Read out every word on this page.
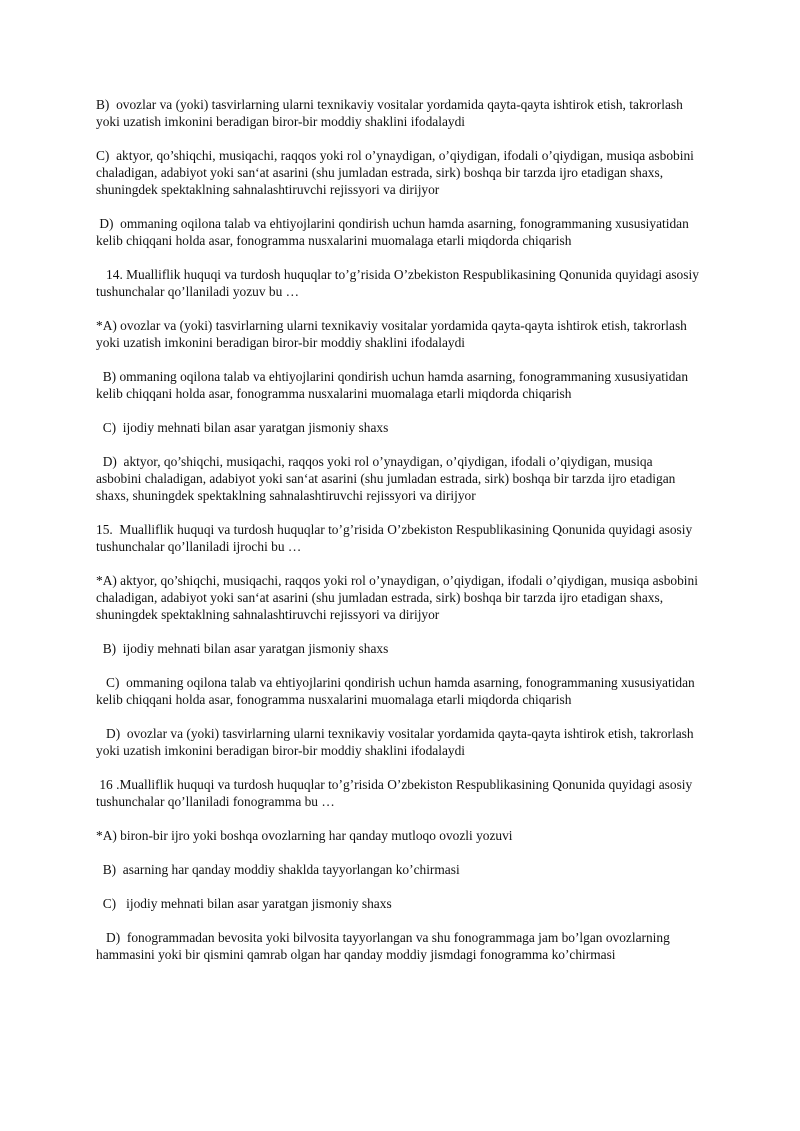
B)  ovozlar va (yoki) tasvirlarning ularni texnikaviy vositalar yordamida qayta-qayta ishtirok etish, takrorlash yoki uzatish imkonini beradigan biror-bir moddiy shaklini ifodalaydi

C)  aktyor, qo’shiqchi, musiqachi, raqqos yoki rol o’ynaydigan, o’qiydigan, ifodali o’qiydigan, musiqa asbobini chaladigan, adabiyot yoki san‘at asarini (shu jumladan estrada, sirk) boshqa bir tarzda ijro etadigan shaxs, shuningdek spektaklning sahnalashtiruvchi rejissyori va dirijyor

D)  ommaning oqilona talab va ehtiyojlarini qondirish uchun hamda asarning, fonogrammaning xususiyatidan kelib chiqqani holda asar, fonogramma nusxalarini muomalaga etarli miqdorda chiqarish

14. Mualliflik huquqi va turdosh huquqlar to’g’risida O’zbekiston Respublikasining Qonunida quyidagi asosiy tushunchalar qo’llaniladi yozuv bu …

*A) ovozlar va (yoki) tasvirlarning ularni texnikaviy vositalar yordamida qayta-qayta ishtirok etish, takrorlash yoki uzatish imkonini beradigan biror-bir moddiy shaklini ifodalaydi

B) ommaning oqilona talab va ehtiyojlarini qondirish uchun hamda asarning, fonogrammaning xususiyatidan kelib chiqqani holda asar, fonogramma nusxalarini muomalaga etarli miqdorda chiqarish

C)  ijodiy mehnati bilan asar yaratgan jismoniy shaxs

D)  aktyor, qo’shiqchi, musiqachi, raqqos yoki rol o’ynaydigan, o’qiydigan, ifodali o’qiydigan, musiqa asbobini chaladigan, adabiyot yoki san‘at asarini (shu jumladan estrada, sirk) boshqa bir tarzda ijro etadigan shaxs, shuningdek spektaklning sahnalashtiruvchi rejissyori va dirijyor

15.  Mualliflik huquqi va turdosh huquqlar to’g’risida O’zbekiston Respublikasining Qonunida quyidagi asosiy tushunchalar qo’llaniladi ijrochi bu …

*A) aktyor, qo’shiqchi, musiqachi, raqqos yoki rol o’ynaydigan, o’qiydigan, ifodali o’qiydigan, musiqa asbobini chaladigan, adabiyot yoki san‘at asarini (shu jumladan estrada, sirk) boshqa bir tarzda ijro etadigan shaxs, shuningdek spektaklning sahnalashtiruvchi rejissyori va dirijyor

B)  ijodiy mehnati bilan asar yaratgan jismoniy shaxs

C)  ommaning oqilona talab va ehtiyojlarini qondirish uchun hamda asarning, fonogrammaning xususiyatidan kelib chiqqani holda asar, fonogramma nusxalarini muomalaga etarli miqdorda chiqarish

D)  ovozlar va (yoki) tasvirlarning ularni texnikaviy vositalar yordamida qayta-qayta ishtirok etish, takrorlash yoki uzatish imkonini beradigan biror-bir moddiy shaklini ifodalaydi

16 .Mualliflik huquqi va turdosh huquqlar to’g’risida O’zbekiston Respublikasining Qonunida quyidagi asosiy tushunchalar qo’llaniladi fonogramma bu …

*A) biron-bir ijro yoki boshqa ovozlarning har qanday mutloqo ovozli yozuvi

B)  asarning har qanday moddiy shaklda tayyorlangan ko’chirmasi

C)   ijodiy mehnati bilan asar yaratgan jismoniy shaxs

D)  fonogrammadan bevosita yoki bilvosita tayyorlangan va shu fonogrammaga jam bo’lgan ovozlarning hammasini yoki bir qismini qamrab olgan har qanday moddiy jismdagi fonogramma ko’chirmasi
